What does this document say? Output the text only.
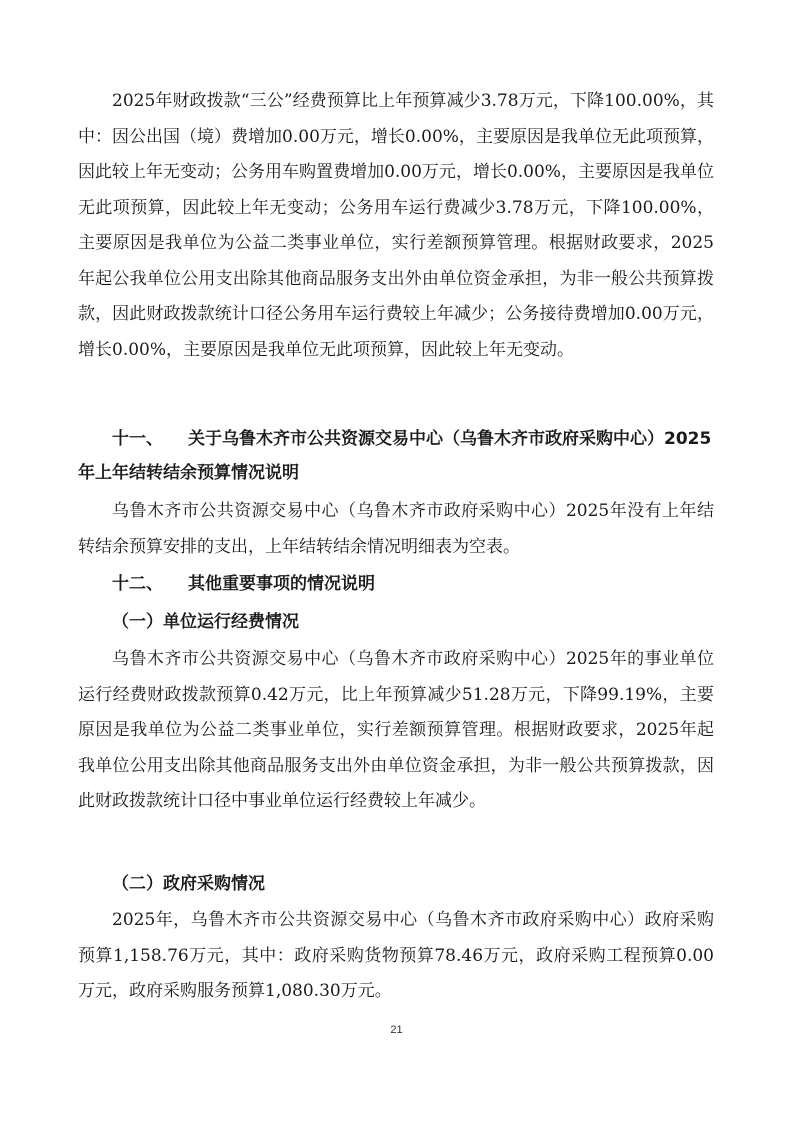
2025年财政拨款“三公”经费预算比上年预算减少3.78万元，下降100.00%，其中：因公出国（境）费增加0.00万元，增长0.00%，主要原因是我单位无此项预算，因此较上年无变动；公务用车购置费增加0.00万元，增长0.00%，主要原因是我单位无此项预算，因此较上年无变动；公务用车运行费减少3.78万元，下降100.00%，主要原因是我单位为公益二类事业单位，实行差额预算管理。根据财政要求，2025年起公我单位公用支出除其他商品服务支出外由单位资金承担，为非一般公共预算拨款，因此财政拨款统计口径公务用车运行费较上年减少；公务接待费增加0.00万元，增长0.00%，主要原因是我单位无此项预算，因此较上年无变动。

十一、 关于乌鲁木齐市公共资源交易中心（乌鲁木齐市政府采购中心）2025年上年结转结余预算情况说明

乌鲁木齐市公共资源交易中心（乌鲁木齐市政府采购中心）2025年没有上年结转结余预算安排的支出，上年结转结余情况明细表为空表。

十二、 其他重要事项的情况说明
（一）单位运行经费情况

乌鲁木齐市公共资源交易中心（乌鲁木齐市政府采购中心）2025年的事业单位运行经费财政拨款预算0.42万元，比上年预算减少51.28万元，下降99.19%，主要原因是我单位为公益二类事业单位，实行差额预算管理。根据财政要求，2025年起我单位公用支出除其他商品服务支出外由单位资金承担，为非一般公共预算拨款，因此财政拨款统计口径中事业单位运行经费较上年减少。

（二）政府采购情况

2025年，乌鲁木齐市公共资源交易中心（乌鲁木齐市政府采购中心）政府采购预算1,158.76万元，其中：政府采购货物预算78.46万元，政府采购工程预算0.00万元，政府采购服务预算1,080.30万元。

21
